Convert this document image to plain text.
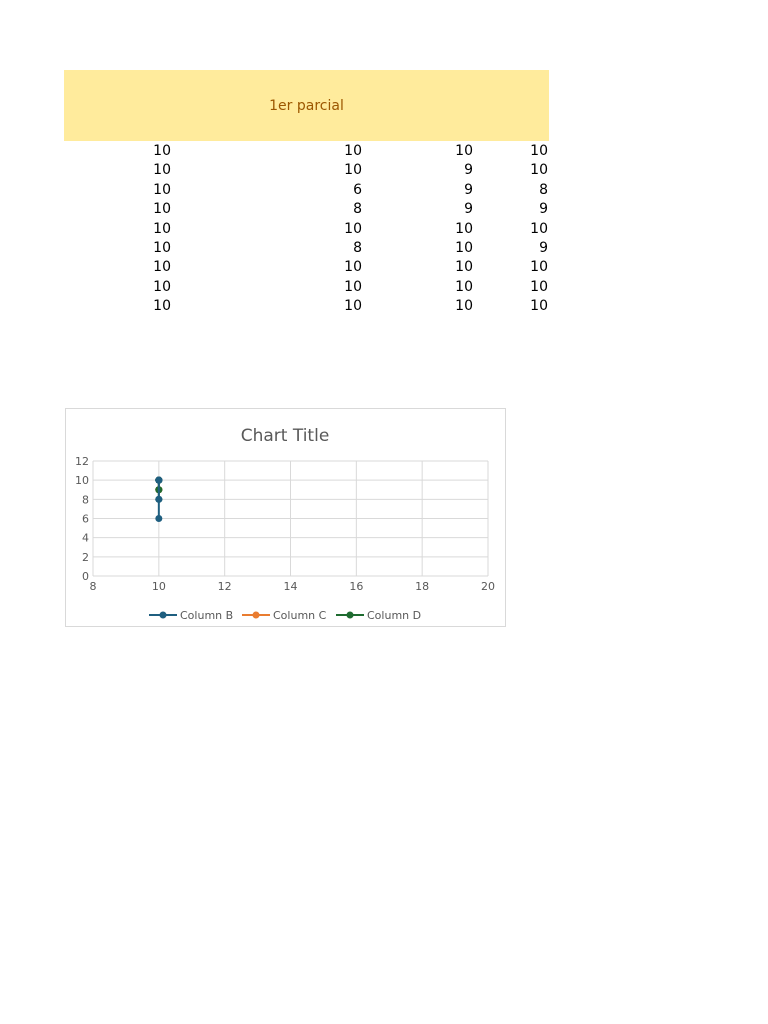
1er parcial
10	10	10	10
10	10	9	10
10	6	9	8
10	8	9	9
10	10	10	10
10	8	10	9
10	10	10	10
10	10	10	10
10	10	10	10
Chart Title
0
2
4
6
8
10
12
8	10	12	14	16	18	20
Column B	Column C	Column D
